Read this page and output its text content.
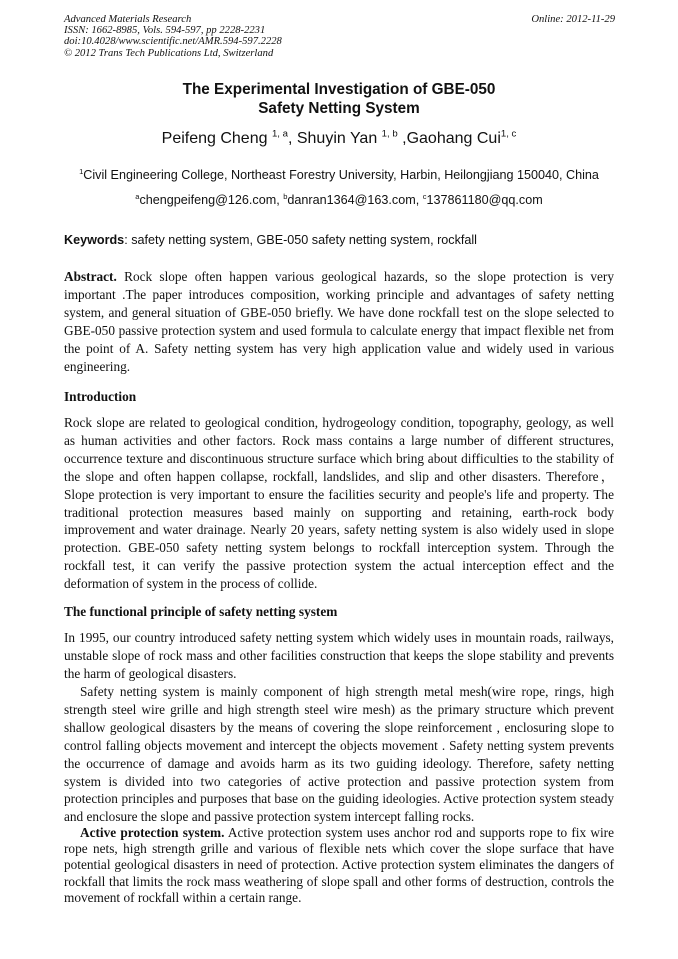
Advanced Materials Research
ISSN: 1662-8985, Vols. 594-597, pp 2228-2231
doi:10.4028/www.scientific.net/AMR.594-597.2228
© 2012 Trans Tech Publications Ltd, Switzerland
Online: 2012-11-29
The Experimental Investigation of GBE-050
Safety Netting System
Peifeng Cheng $^{1, a}$, Shuyin Yan $^{1, b}$ ,Gaohang Cui$^{1, c}$
$^1$Civil Engineering College, Northeast Forestry University, Harbin, Heilongjiang 150040, China
$^a$chengpeifeng@126.com, $^b$danran1364@163.com, $^c$137861180@qq.com
Keywords: safety netting system, GBE-050 safety netting system, rockfall
Abstract. Rock slope often happen various geological hazards, so the slope protection is very important .The paper introduces composition, working principle and advantages of safety netting system, and general situation of GBE-050 briefly. We have done rockfall test on the slope selected to GBE-050 passive protection system and used formula to calculate energy that impact flexible net from the point of A. Safety netting system has very high application value and widely used in various engineering.
Introduction
Rock slope are related to geological condition, hydrogeology condition, topography, geology, as well as human activities and other factors. Rock mass contains a large number of different structures, occurrence texture and discontinuous structure surface which bring about difficulties to the stability of the slope and often happen collapse, rockfall, landslides, and slip and other disasters. Therefore，Slope protection is very important to ensure the facilities security and people's life and property. The traditional protection measures based mainly on supporting and retaining, earth-rock body improvement and water drainage. Nearly 20 years, safety netting system is also widely used in slope protection. GBE-050 safety netting system belongs to rockfall interception system. Through the rockfall test, it can verify the passive protection system the actual interception effect and the deformation of system in the process of collide.
The functional principle of safety netting system
In 1995, our country introduced safety netting system which widely uses in mountain roads, railways, unstable slope of rock mass and other facilities construction that keeps the slope stability and prevents the harm of geological disasters.
Safety netting system is mainly component of high strength metal mesh(wire rope, rings, high strength steel wire grille and high strength steel wire mesh) as the primary structure which prevent shallow geological disasters by the means of covering the slope reinforcement , enclosuring slope to control falling objects movement and intercept the objects movement . Safety netting system prevents the occurrence of damage and avoids harm as its two guiding ideology. Therefore, safety netting system is divided into two categories of active protection and passive protection system from protection principles and purposes that base on the guiding ideologies. Active protection system steady and enclosure the slope and passive protection system intercept falling rocks.
Active protection system. Active protection system uses anchor rod and supports rope to fix wire rope nets, high strength grille and various of flexible nets which cover the slope surface that have potential geological disasters in need of protection. Active protection system eliminates the dangers of rockfall that limits the rock mass weathering of slope spall and other forms of destruction, controls the movement of rockfall within a certain range.
